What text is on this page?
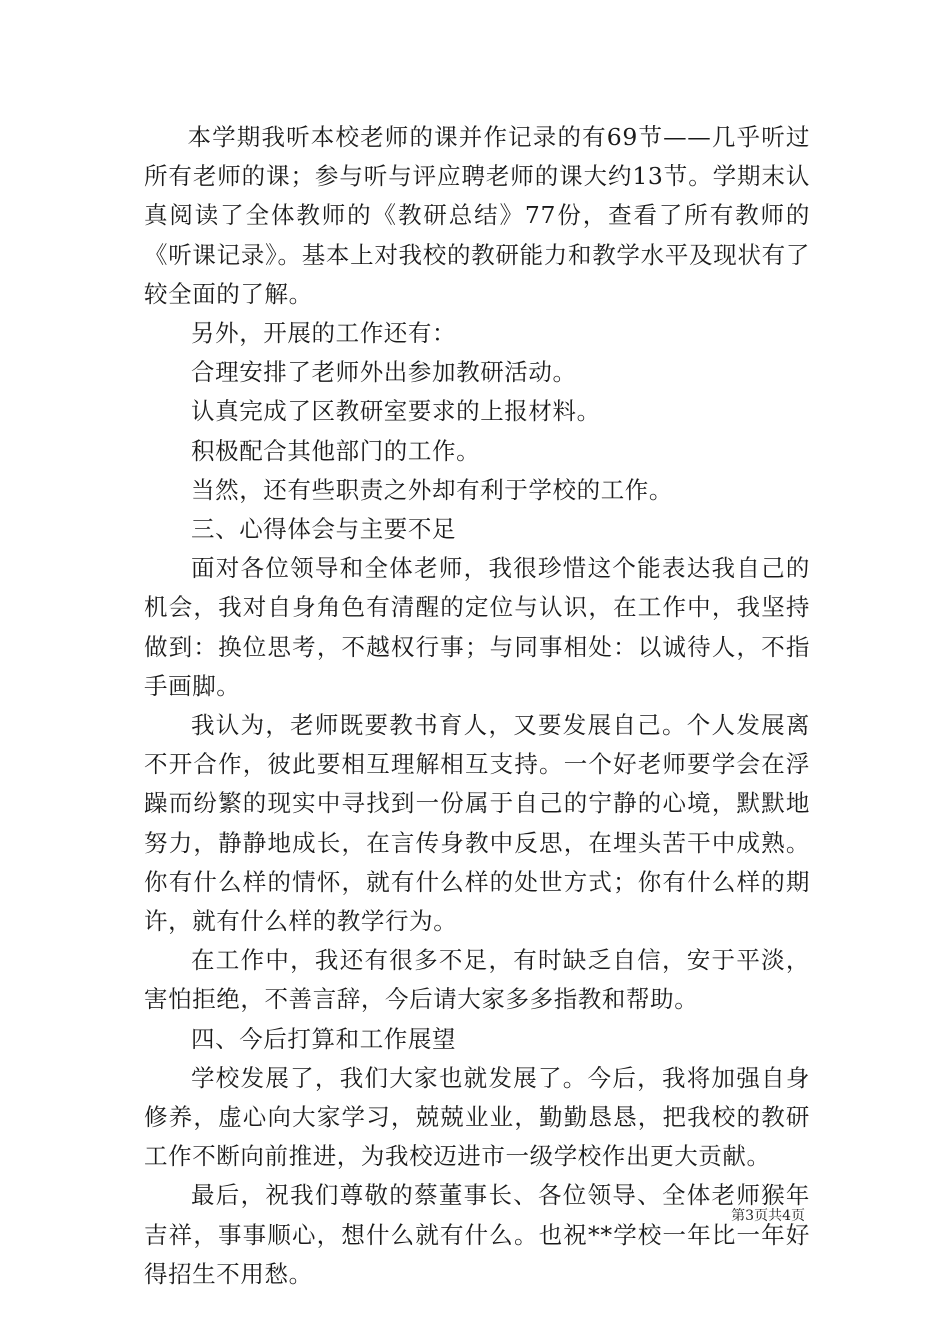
本学期我听本校老师的课并作记录的有69节——几乎听过所有老师的课；参与听与评应聘老师的课大约13节。学期末认真阅读了全体教师的《教研总结》77份，查看了所有教师的《听课记录》。基本上对我校的教研能力和教学水平及现状有了较全面的了解。

另外，开展的工作还有：

合理安排了老师外出参加教研活动。

认真完成了区教研室要求的上报材料。

积极配合其他部门的工作。

当然，还有些职责之外却有利于学校的工作。

三、心得体会与主要不足

面对各位领导和全体老师，我很珍惜这个能表达我自己的机会，我对自身角色有清醒的定位与认识，在工作中，我坚持做到：换位思考，不越权行事；与同事相处：以诚待人，不指手画脚。

我认为，老师既要教书育人，又要发展自己。个人发展离不开合作，彼此要相互理解相互支持。一个好老师要学会在浮躁而纷繁的现实中寻找到一份属于自己的宁静的心境，默默地努力，静静地成长，在言传身教中反思，在埋头苦干中成熟。你有什么样的情怀，就有什么样的处世方式；你有什么样的期许，就有什么样的教学行为。

在工作中，我还有很多不足，有时缺乏自信，安于平淡，害怕拒绝，不善言辞，今后请大家多多指教和帮助。

四、今后打算和工作展望

学校发展了，我们大家也就发展了。今后，我将加强自身修养，虚心向大家学习，兢兢业业，勤勤恳恳，把我校的教研工作不断向前推进，为我校迈进市一级学校作出更大贡献。

最后，祝我们尊敬的蔡董事长、各位领导、全体老师猴年吉祥，事事顺心，想什么就有什么。也祝**学校一年比一年好得招生不用愁。

第3页共4页
